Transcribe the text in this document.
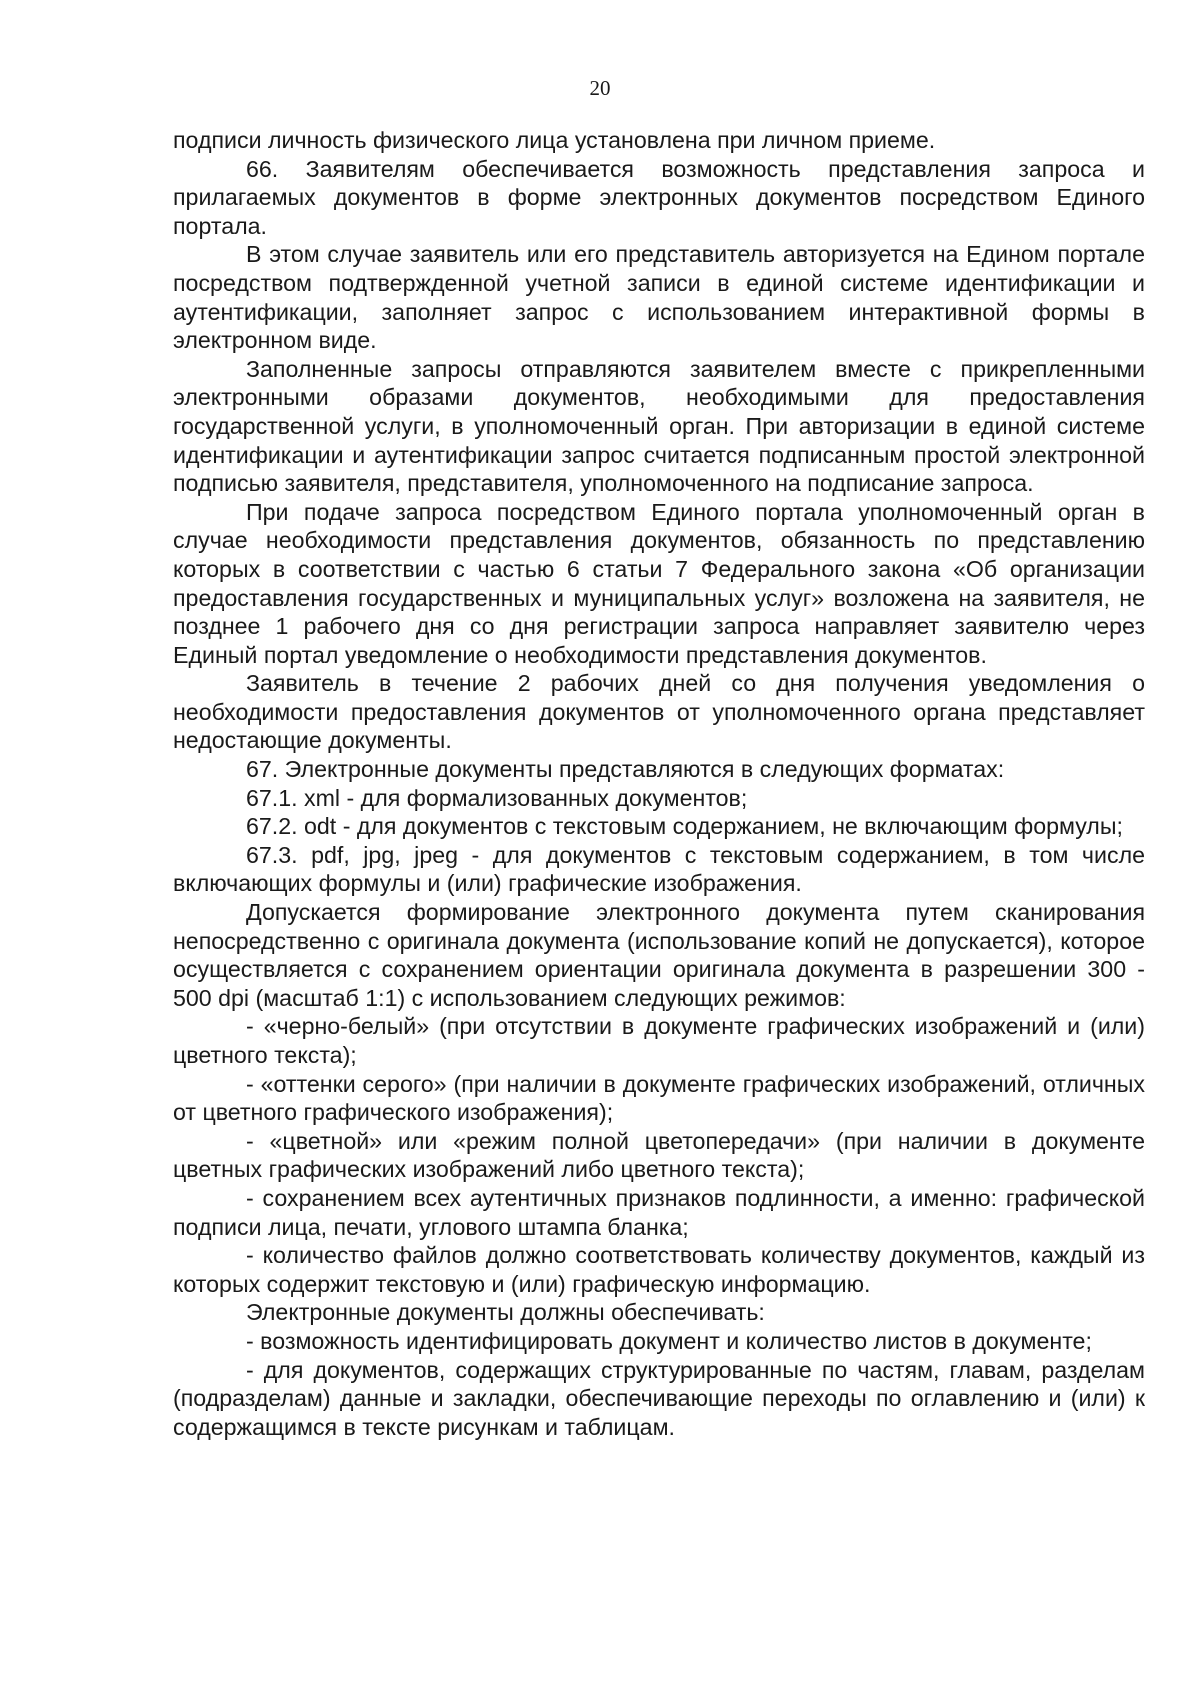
20

подписи личность физического лица установлена при личном приеме.

66. Заявителям обеспечивается возможность представления запроса и прилагаемых документов в форме электронных документов посредством Единого портала.

В этом случае заявитель или его представитель авторизуется на Едином портале посредством подтвержденной учетной записи в единой системе идентификации и аутентификации, заполняет запрос с использованием интерактивной формы в электронном виде.

Заполненные запросы отправляются заявителем вместе с прикрепленными электронными образами документов, необходимыми для предоставления государственной услуги, в уполномоченный орган. При авторизации в единой системе идентификации и аутентификации запрос считается подписанным простой электронной подписью заявителя, представителя, уполномоченного на подписание запроса.

При подаче запроса посредством Единого портала уполномоченный орган в случае необходимости представления документов, обязанность по представлению которых в соответствии с частью 6 статьи 7 Федерального закона «Об организации предоставления государственных и муниципальных услуг» возложена на заявителя, не позднее 1 рабочего дня со дня регистрации запроса направляет заявителю через Единый портал уведомление о необходимости представления документов.

Заявитель в течение 2 рабочих дней со дня получения уведомления о необходимости предоставления документов от уполномоченного органа представляет недостающие документы.

67. Электронные документы представляются в следующих форматах:

67.1. xml - для формализованных документов;

67.2. odt - для документов с текстовым содержанием, не включающим формулы;

67.3. pdf, jpg, jpeg - для документов с текстовым содержанием, в том числе включающих формулы и (или) графические изображения.

Допускается формирование электронного документа путем сканирования непосредственно с оригинала документа (использование копий не допускается), которое осуществляется с сохранением ориентации оригинала документа в разрешении 300 - 500 dpi (масштаб 1:1) с использованием следующих режимов:

- «черно-белый» (при отсутствии в документе графических изображений и (или) цветного текста);

- «оттенки серого» (при наличии в документе графических изображений, отличных от цветного графического изображения);

- «цветной» или «режим полной цветопередачи» (при наличии в документе цветных графических изображений либо цветного текста);

- сохранением всех аутентичных признаков подлинности, а именно: графической подписи лица, печати, углового штампа бланка;

- количество файлов должно соответствовать количеству документов, каждый из которых содержит текстовую и (или) графическую информацию.

Электронные документы должны обеспечивать:

- возможность идентифицировать документ и количество листов в документе;

- для документов, содержащих структурированные по частям, главам, разделам (подразделам) данные и закладки, обеспечивающие переходы по оглавлению и (или) к содержащимся в тексте рисункам и таблицам.
